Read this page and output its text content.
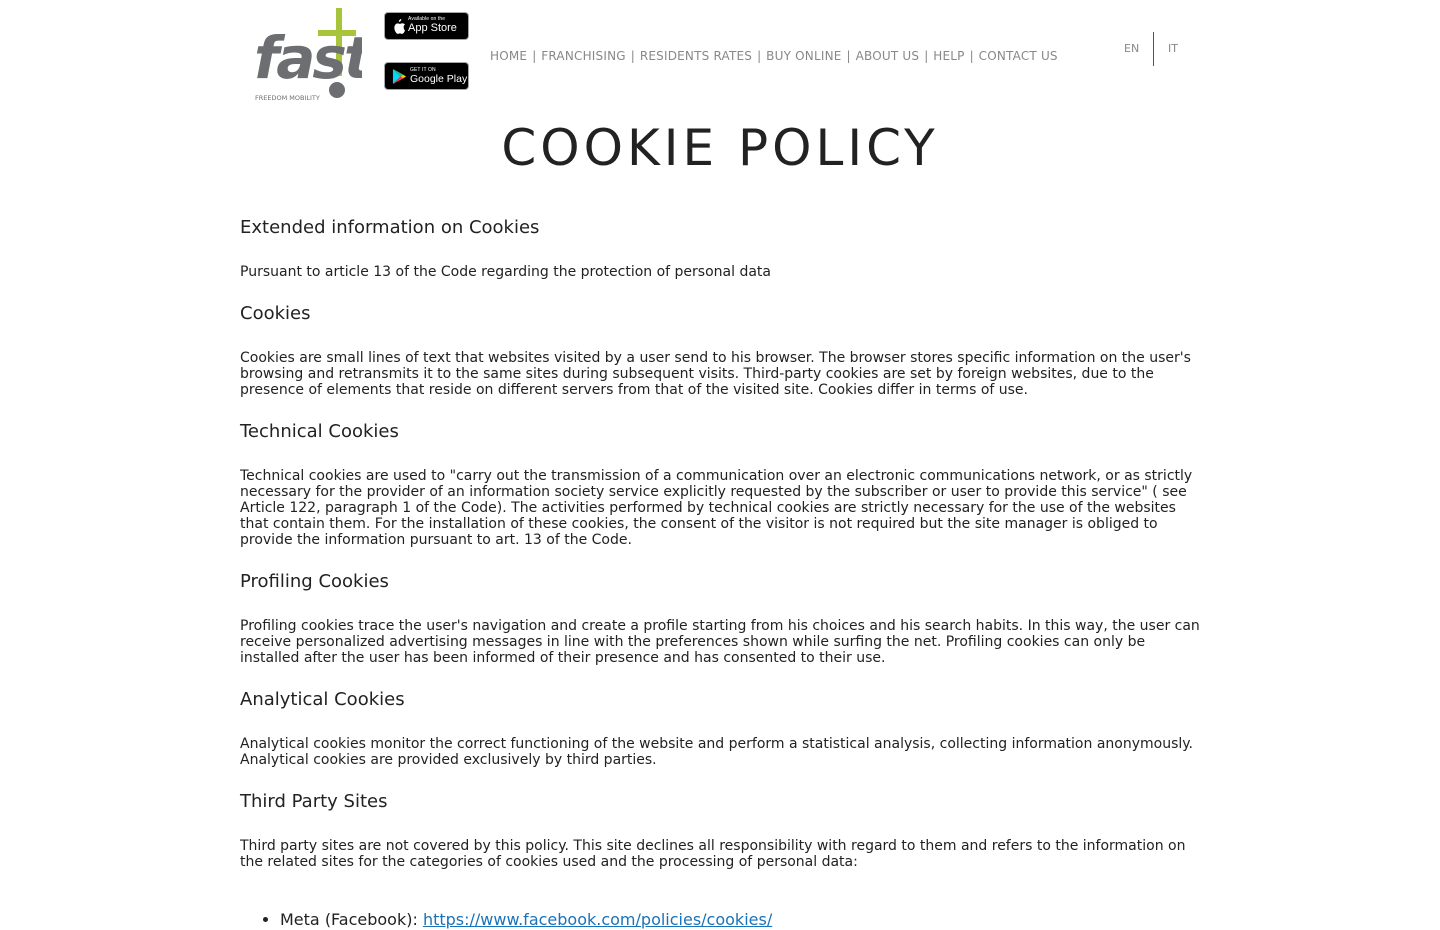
fast
FREEDOM MOBILITY
Available on the
App Store
GET IT ON
Google Play
HOME | FRANCHISING | RESIDENTS RATES | BUY ONLINE | ABOUT US | HELP | CONTACT US
EN	IT
COOKIE POLICY
Extended information on Cookies

Pursuant to article 13 of the Code regarding the protection of personal data

Cookies

Cookies are small lines of text that websites visited by a user send to his browser. The browser stores specific information on the user's browsing and retransmits it to the same sites during subsequent visits. Third-party cookies are set by foreign websites, due to the presence of elements that reside on different servers from that of the visited site. Cookies differ in terms of use.

Technical Cookies

Technical cookies are used to "carry out the transmission of a communication over an electronic communications network, or as strictly necessary for the provider of an information society service explicitly requested by the subscriber or user to provide this service" ( see Article 122, paragraph 1 of the Code). The activities performed by technical cookies are strictly necessary for the use of the websites that contain them. For the installation of these cookies, the consent of the visitor is not required but the site manager is obliged to provide the information pursuant to art. 13 of the Code.

Profiling Cookies

Profiling cookies trace the user's navigation and create a profile starting from his choices and his search habits. In this way, the user can receive personalized advertising messages in line with the preferences shown while surfing the net. Profiling cookies can only be installed after the user has been informed of their presence and has consented to their use.

Analytical Cookies

Analytical cookies monitor the correct functioning of the website and perform a statistical analysis, collecting information anonymously. Analytical cookies are provided exclusively by third parties.

Third Party Sites

Third party sites are not covered by this policy. This site declines all responsibility with regard to them and refers to the information on the related sites for the categories of cookies used and the processing of personal data:

• Meta (Facebook): https://www.facebook.com/policies/cookies/
